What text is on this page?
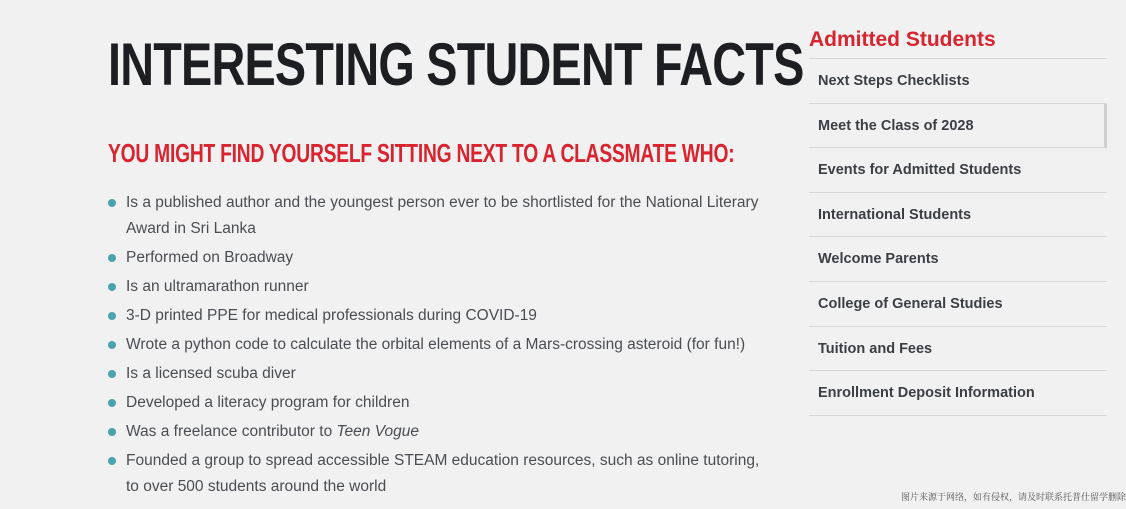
INTERESTING STUDENT FACTS
YOU MIGHT FIND YOURSELF SITTING NEXT TO A CLASSMATE WHO:
Is a published author and the youngest person ever to be shortlisted for the National Literary Award in Sri Lanka
Performed on Broadway
Is an ultramarathon runner
3-D printed PPE for medical professionals during COVID-19
Wrote a python code to calculate the orbital elements of a Mars-crossing asteroid (for fun!)
Is a licensed scuba diver
Developed a literacy program for children
Was a freelance contributor to Teen Vogue
Founded a group to spread accessible STEAM education resources, such as online tutoring, to over 500 students around the world
Admitted Students
Next Steps Checklists
Meet the Class of 2028
Events for Admitted Students
International Students
Welcome Parents
College of General Studies
Tuition and Fees
Enrollment Deposit Information
图片来源于网络，如有侵权，请及时联系托普仕留学删除
